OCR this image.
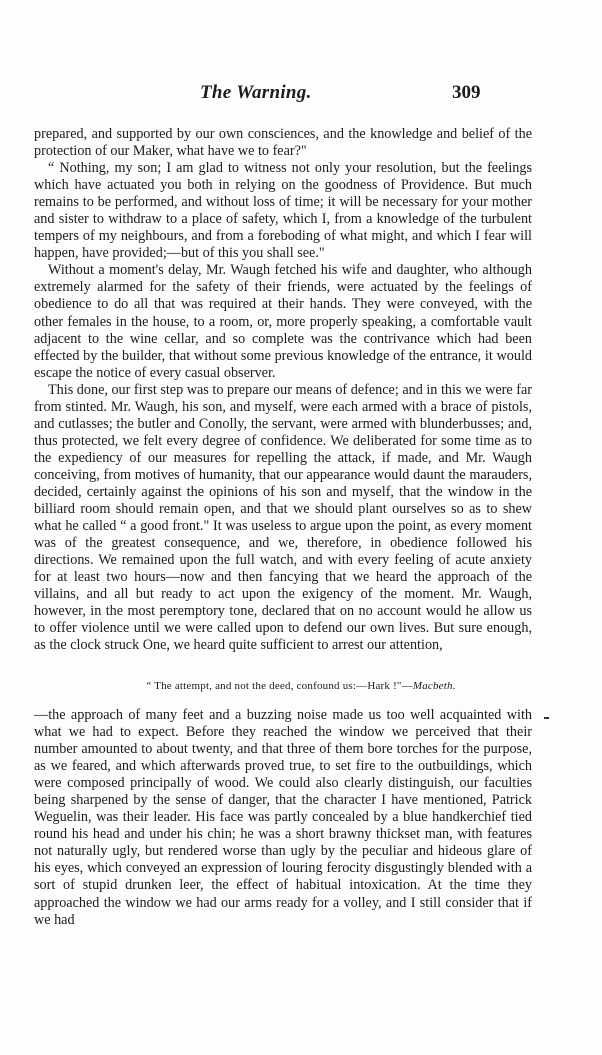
The Warning.	309

prepared, and supported by our own consciences, and the knowledge and belief of the protection of our Maker, what have we to fear?"

“ Nothing, my son; I am glad to witness not only your resolution, but the feelings which have actuated you both in relying on the goodness of Providence. But much remains to be performed, and without loss of time; it will be necessary for your mother and sister to withdraw to a place of safety, which I, from a knowledge of the turbulent tempers of my neighbours, and from a foreboding of what might, and which I fear will happen, have provided;—but of this you shall see."

Without a moment's delay, Mr. Waugh fetched his wife and daughter, who although extremely alarmed for the safety of their friends, were actuated by the feelings of obedience to do all that was required at their hands. They were conveyed, with the other females in the house, to a room, or, more properly speaking, a comfortable vault adjacent to the wine cellar, and so complete was the contrivance which had been effected by the builder, that without some previous knowledge of the entrance, it would escape the notice of every casual observer.

This done, our first step was to prepare our means of defence; and in this we were far from stinted. Mr. Waugh, his son, and myself, were each armed with a brace of pistols, and cutlasses; the butler and Conolly, the servant, were armed with blunderbusses; and, thus protected, we felt every degree of confidence. We deliberated for some time as to the expediency of our measures for repelling the attack, if made, and Mr. Waugh conceiving, from motives of humanity, that our appearance would daunt the marauders, decided, certainly against the opinions of his son and myself, that the window in the billiard room should remain open, and that we should plant ourselves so as to shew what he called “ a good front." It was useless to argue upon the point, as every moment was of the greatest consequence, and we, therefore, in obedience followed his directions. We remained upon the full watch, and with every feeling of acute anxiety for at least two hours—now and then fancying that we heard the approach of the villains, and all but ready to act upon the exigency of the moment. Mr. Waugh, however, in the most peremptory tone, declared that on no account would he allow us to offer violence until we were called upon to defend our own lives. But sure enough, as the clock struck One, we heard quite sufficient to arrest our attention,

“ The attempt, and not the deed, confound us:—Hark !"—Macbeth.

—the approach of many feet and a buzzing noise made us too well acquainted with what we had to expect. Before they reached the window we perceived that their number amounted to about twenty, and that three of them bore torches for the purpose, as we feared, and which afterwards proved true, to set fire to the outbuildings, which were composed principally of wood. We could also clearly distinguish, our faculties being sharpened by the sense of danger, that the character I have mentioned, Patrick Weguelin, was their leader. His face was partly concealed by a blue handkerchief tied round his head and under his chin; he was a short brawny thickset man, with features not naturally ugly, but rendered worse than ugly by the peculiar and hideous glare of his eyes, which conveyed an expression of louring ferocity disgustingly blended with a sort of stupid drunken leer, the effect of habitual intoxication. At the time they approached the window we had our arms ready for a volley, and I still consider that if we had
